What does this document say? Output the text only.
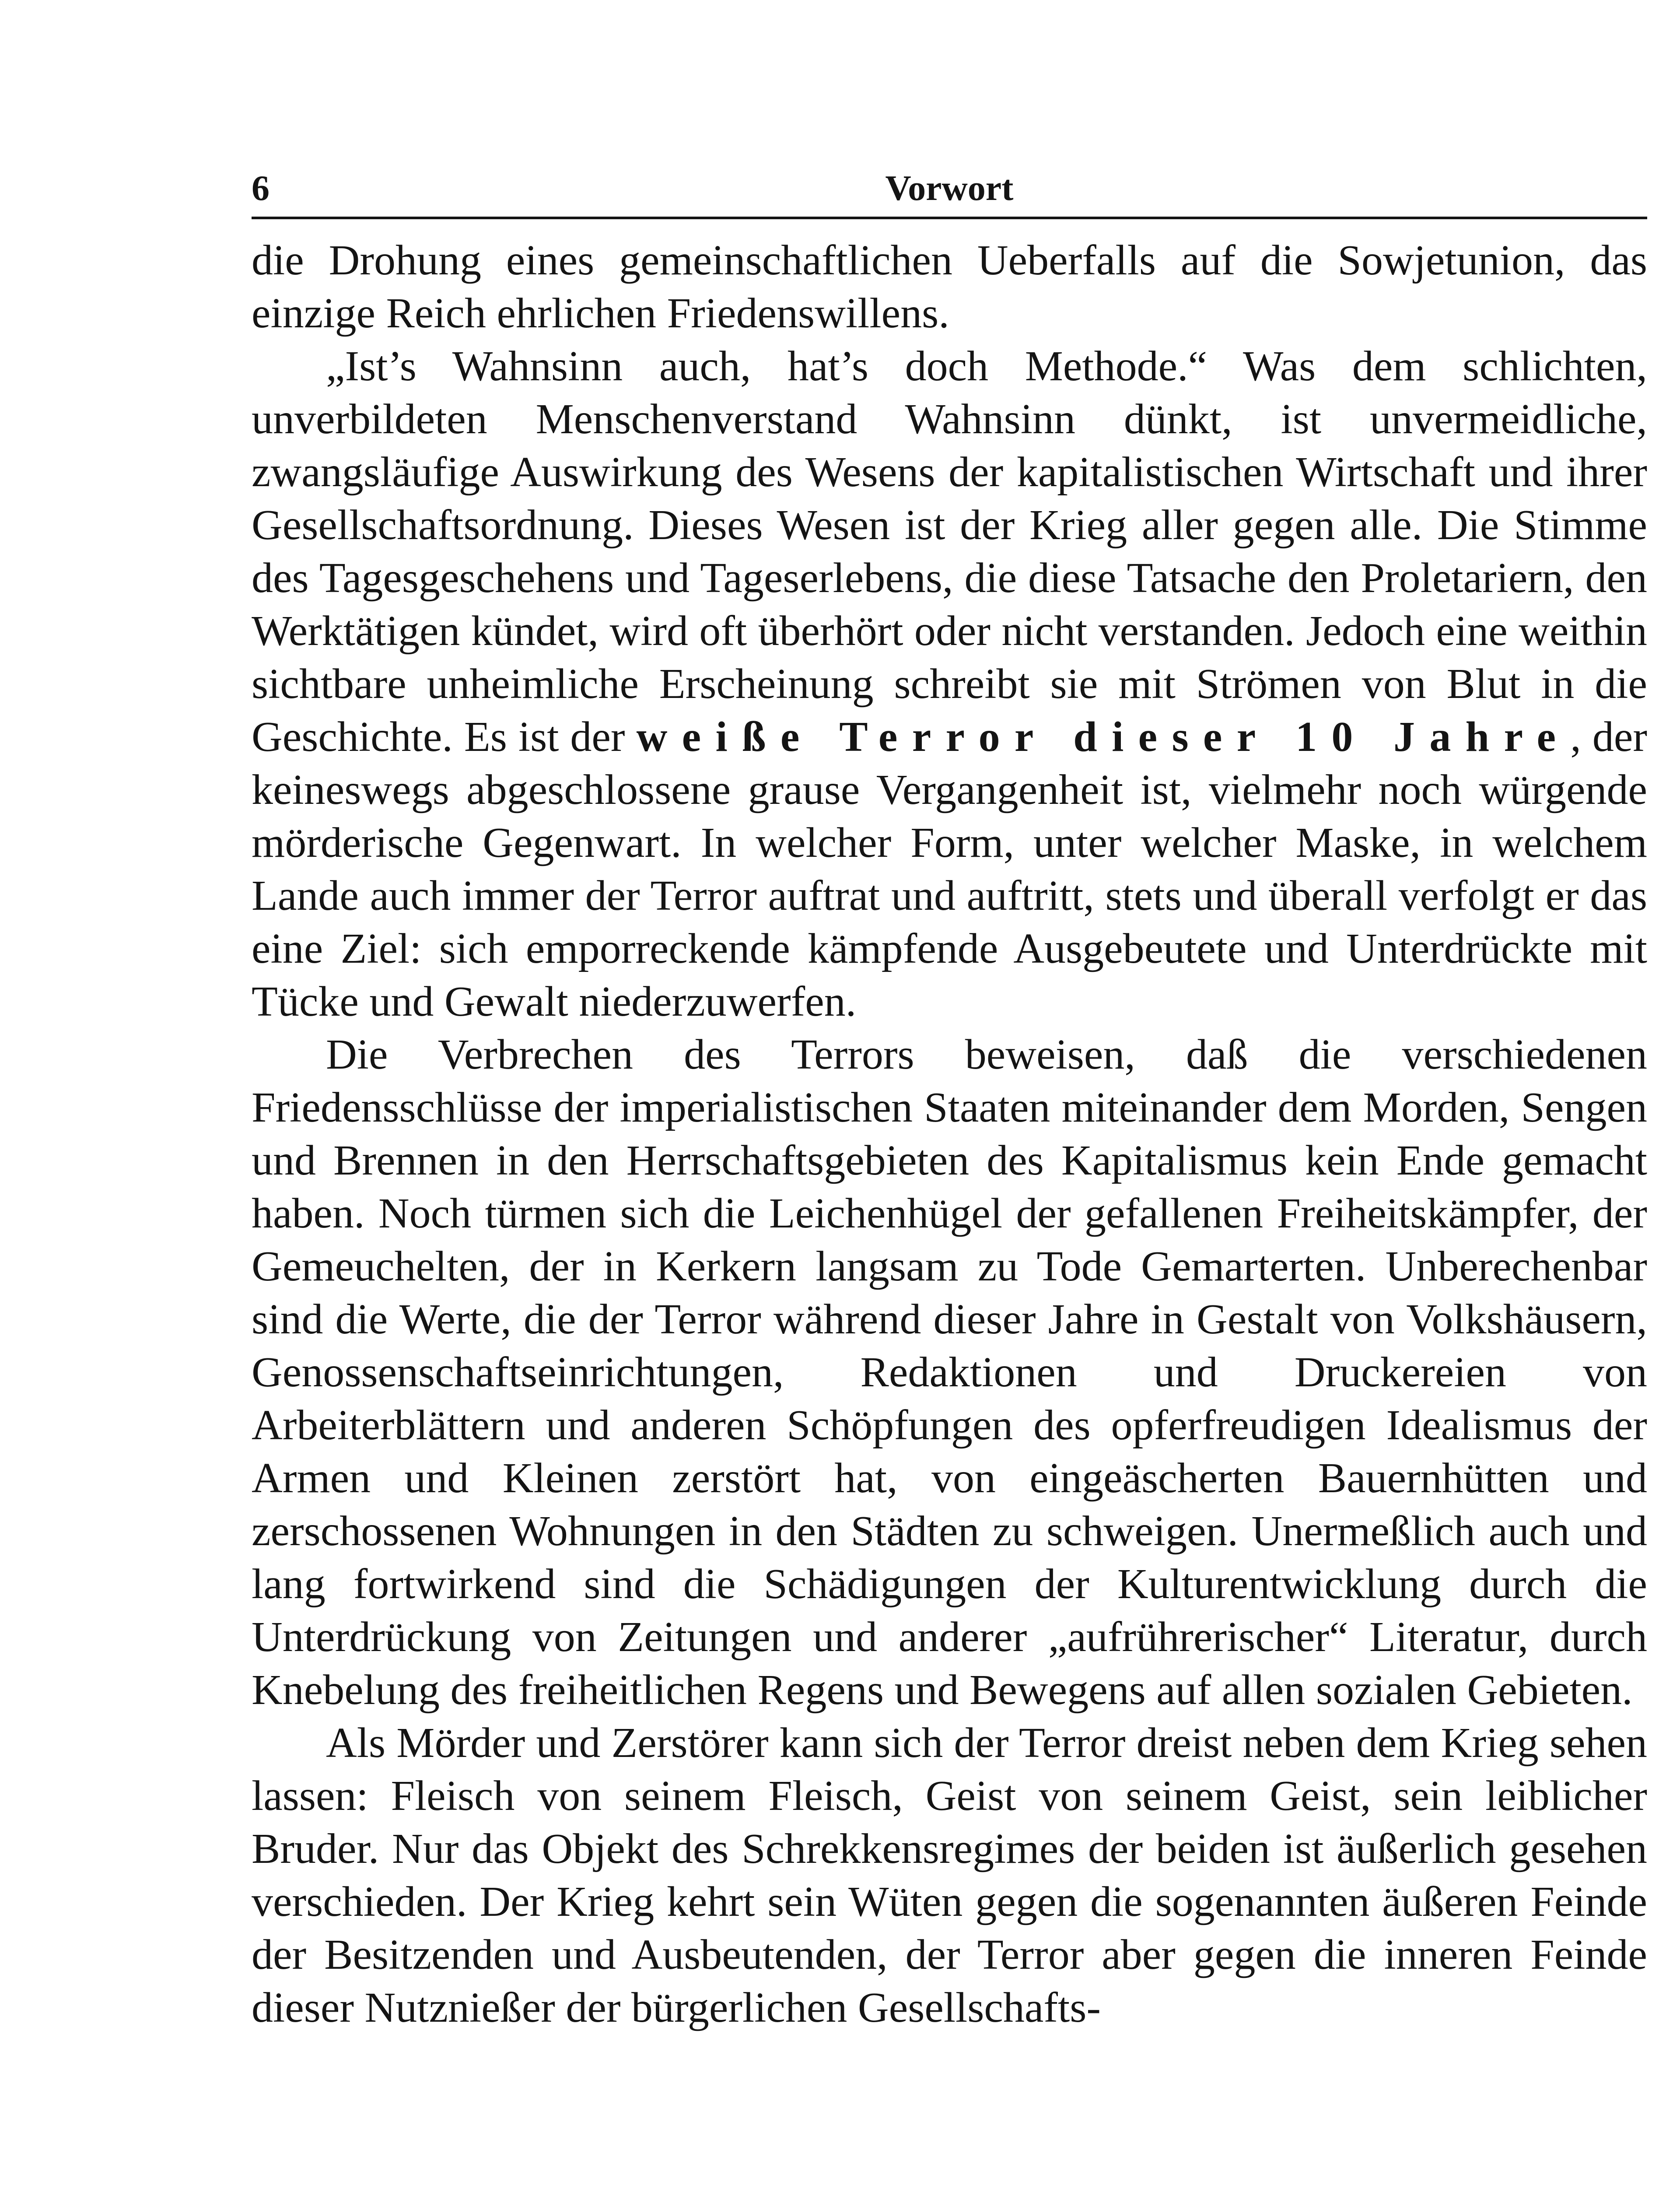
6	Vorwort

die Drohung eines gemeinschaftlichen Ueberfalls auf die Sowjetunion, das einzige Reich ehrlichen Friedenswillens.

„Ist’s Wahnsinn auch, hat’s doch Methode.“ Was dem schlichten, unverbildeten Menschenverstand Wahnsinn dünkt, ist unvermeidliche, zwangsläufige Auswirkung des Wesens der kapitalistischen Wirtschaft und ihrer Gesellschaftsordnung. Dieses Wesen ist der Krieg aller gegen alle. Die Stimme des Tagesgeschehens und Tageserlebens, die diese Tatsache den Proletariern, den Werktätigen kündet, wird oft überhört oder nicht verstanden. Jedoch eine weithin sichtbare unheimliche Erscheinung schreibt sie mit Strömen von Blut in die Geschichte. Es ist der weiße Terror dieser 10 Jahre, der keineswegs abgeschlossene grause Vergangenheit ist, vielmehr noch würgende mörderische Gegenwart. In welcher Form, unter welcher Maske, in welchem Lande auch immer der Terror auftrat und auftritt, stets und überall verfolgt er das eine Ziel: sich emporreckende kämpfende Ausgebeutete und Unterdrückte mit Tücke und Gewalt niederzuwerfen.

Die Verbrechen des Terrors beweisen, daß die verschiedenen Friedensschlüsse der imperialistischen Staaten miteinander dem Morden, Sengen und Brennen in den Herrschaftsgebieten des Kapitalismus kein Ende gemacht haben. Noch türmen sich die Leichenhügel der gefallenen Freiheitskämpfer, der Gemeuchelten, der in Kerkern langsam zu Tode Gemarterten. Unberechenbar sind die Werte, die der Terror während dieser Jahre in Gestalt von Volkshäusern, Genossenschaftseinrichtungen, Redaktionen und Druckereien von Arbeiterblättern und anderen Schöpfungen des opferfreudigen Idealismus der Armen und Kleinen zerstört hat, von eingeäscherten Bauernhütten und zerschossenen Wohnungen in den Städten zu schweigen. Unermeßlich auch und lang fortwirkend sind die Schädigungen der Kulturentwicklung durch die Unterdrückung von Zeitungen und anderer „aufrührerischer“ Literatur, durch Knebelung des freiheitlichen Regens und Bewegens auf allen sozialen Gebieten.

Als Mörder und Zerstörer kann sich der Terror dreist neben dem Krieg sehen lassen: Fleisch von seinem Fleisch, Geist von seinem Geist, sein leiblicher Bruder. Nur das Objekt des Schrekkensregimes der beiden ist äußerlich gesehen verschieden. Der Krieg kehrt sein Wüten gegen die sogenannten äußeren Feinde der Besitzenden und Ausbeutenden, der Terror aber gegen die inneren Feinde dieser Nutznießer der bürgerlichen Gesellschafts-
